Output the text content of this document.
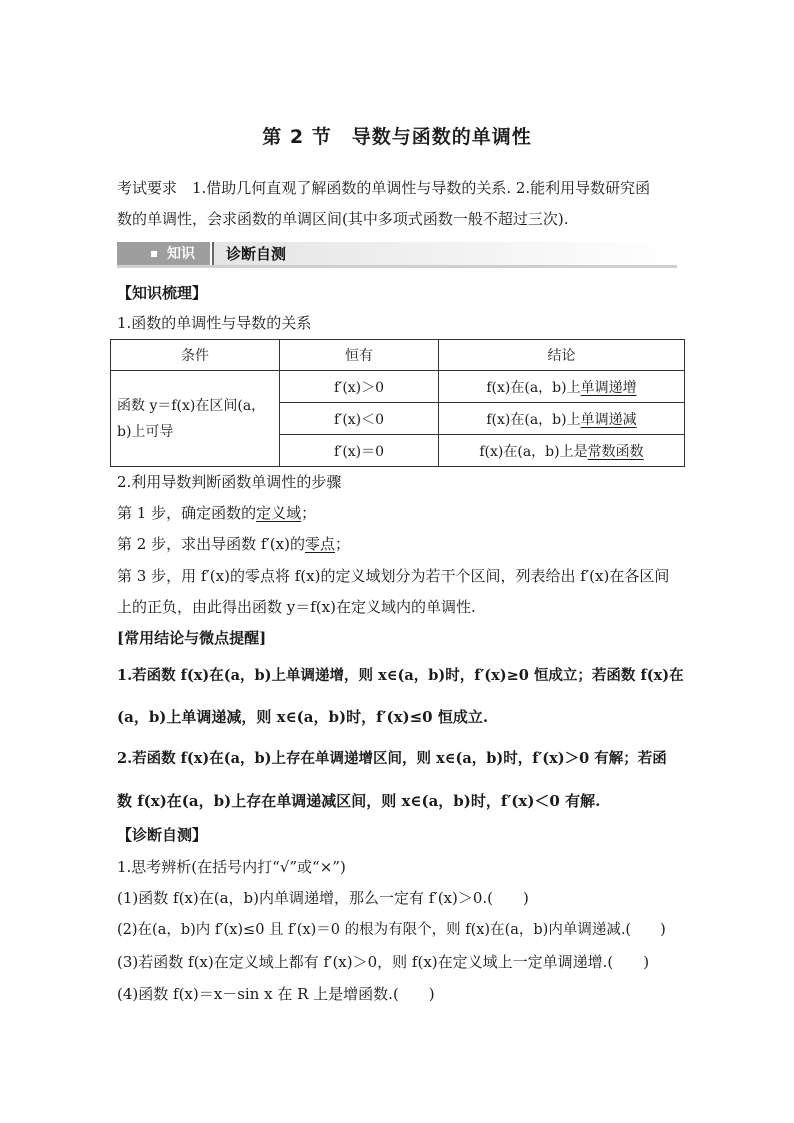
第 2 节　导数与函数的单调性
考试要求　1.借助几何直观了解函数的单调性与导数的关系. 2.能利用导数研究函
数的单调性，会求函数的单调区间(其中多项式函数一般不超过三次).
知识 诊断自测
【知识梳理】
1.函数的单调性与导数的关系
条件	恒有	结论
函数 y＝f(x)在区间(a，b)上可导	f′(x)＞0	f(x)在(a，b)上单调递增
	f′(x)＜0	f(x)在(a，b)上单调递减
	f′(x)＝0	f(x)在(a，b)上是常数函数
2.利用导数判断函数单调性的步骤
第 1 步，确定函数的定义域；
第 2 步，求出导函数 f′(x)的零点；
第 3 步，用 f′(x)的零点将 f(x)的定义域划分为若干个区间，列表给出 f′(x)在各区间
上的正负，由此得出函数 y＝f(x)在定义域内的单调性.
[常用结论与微点提醒]
1.若函数 f(x)在(a，b)上单调递增，则 x∈(a，b)时，f′(x)≥0 恒成立；若函数 f(x)在
(a，b)上单调递减，则 x∈(a，b)时，f′(x)≤0 恒成立.
2.若函数 f(x)在(a，b)上存在单调递增区间，则 x∈(a，b)时，f′(x)＞0 有解；若函
数 f(x)在(a，b)上存在单调递减区间，则 x∈(a，b)时，f′(x)＜0 有解.
【诊断自测】
1.思考辨析(在括号内打“√”或“×”)
(1)函数 f(x)在(a，b)内单调递增，那么一定有 f′(x)＞0.(　　)
(2)在(a，b)内 f′(x)≤0 且 f′(x)＝0 的根为有限个，则 f(x)在(a，b)内单调递减.(　　)
(3)若函数 f(x)在定义域上都有 f′(x)＞0，则 f(x)在定义域上一定单调递增.(　　)
(4)函数 f(x)＝x－sin x 在 R 上是增函数.(　　)
